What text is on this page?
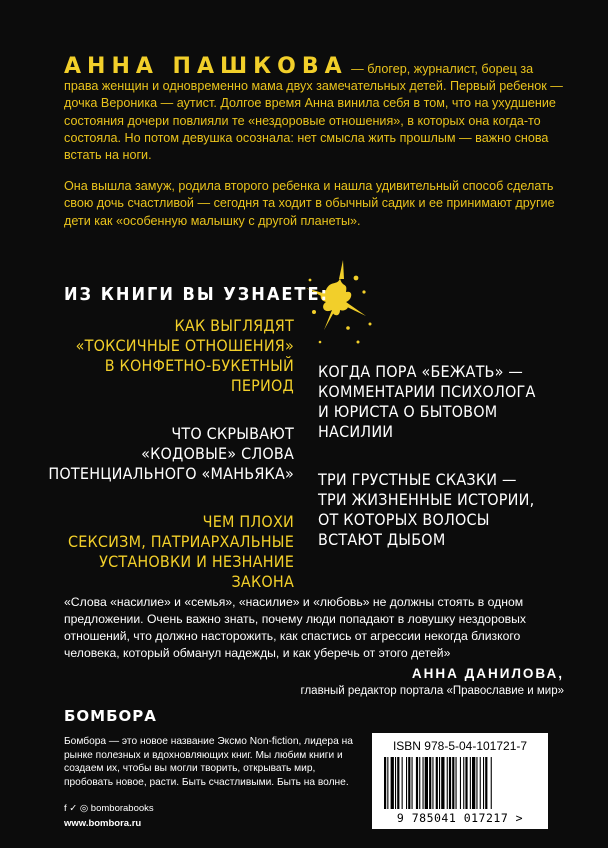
АННА ПАШКОВА — блогер, журналист, борец за права женщин и одновременно мама двух замечательных детей. Первый ребенок — дочка Вероника — аутист. Долгое время Анна винила себя в том, что на ухудшение состояния дочери повлияли те «нездоровые отношения», в которых она когда-то состояла. Но потом девушка осознала: нет смысла жить прошлым — важно снова встать на ноги.
Она вышла замуж, родила второго ребенка и нашла удивительный способ сделать свою дочь счастливой — сегодня та ходит в обычный садик и ее принимают другие дети как «особенную малышку с другой планеты».
ИЗ КНИГИ ВЫ УЗНАЕТЕ:
КАК ВЫГЛЯДЯТ
«ТОКСИЧНЫЕ ОТНОШЕНИЯ»
В КОНФЕТНО-БУКЕТНЫЙ
ПЕРИОД
ЧТО СКРЫВАЮТ
«КОДОВЫЕ» СЛОВА
ПОТЕНЦИАЛЬНОГО «МАНЬЯКА»
ЧЕМ ПЛОХИ
СЕКСИЗМ, ПАТРИАРХАЛЬНЫЕ
УСТАНОВКИ И НЕЗНАНИЕ ЗАКОНА
КОГДА ПОРА «БЕЖАТЬ» —
КОММЕНТАРИИ ПСИХОЛОГА
И ЮРИСТА О БЫТОВОМ
НАСИЛИИ
ТРИ ГРУСТНЫЕ СКАЗКИ —
ТРИ ЖИЗНЕННЫЕ ИСТОРИИ,
ОТ КОТОРЫХ ВОЛОСЫ
ВСТАЮТ ДЫБОМ
«Слова «насилие» и «семья», «насилие» и «любовь» не должны стоять в одном предложении. Очень важно знать, почему люди попадают в ловушку нездоровых отношений, что должно насторожить, как спастись от агрессии некогда близкого человека, который обманул надежды, и как уберечь от этого детей»
АННА ДАНИЛОВА,
главный редактор портала «Православие и мир»
БОМБОРА
Бомбора — это новое название Эксмо Non-fiction, лидера на рынке полезных и вдохновляющих книг. Мы любим книги и создаем их, чтобы вы могли творить, открывать мир, пробовать новое, расти. Быть счастливыми. Быть на волне.
f ✓ ◎ bomborabooks
www.bombora.ru
ISBN 978-5-04-101721-7
9 785041 017217 >
